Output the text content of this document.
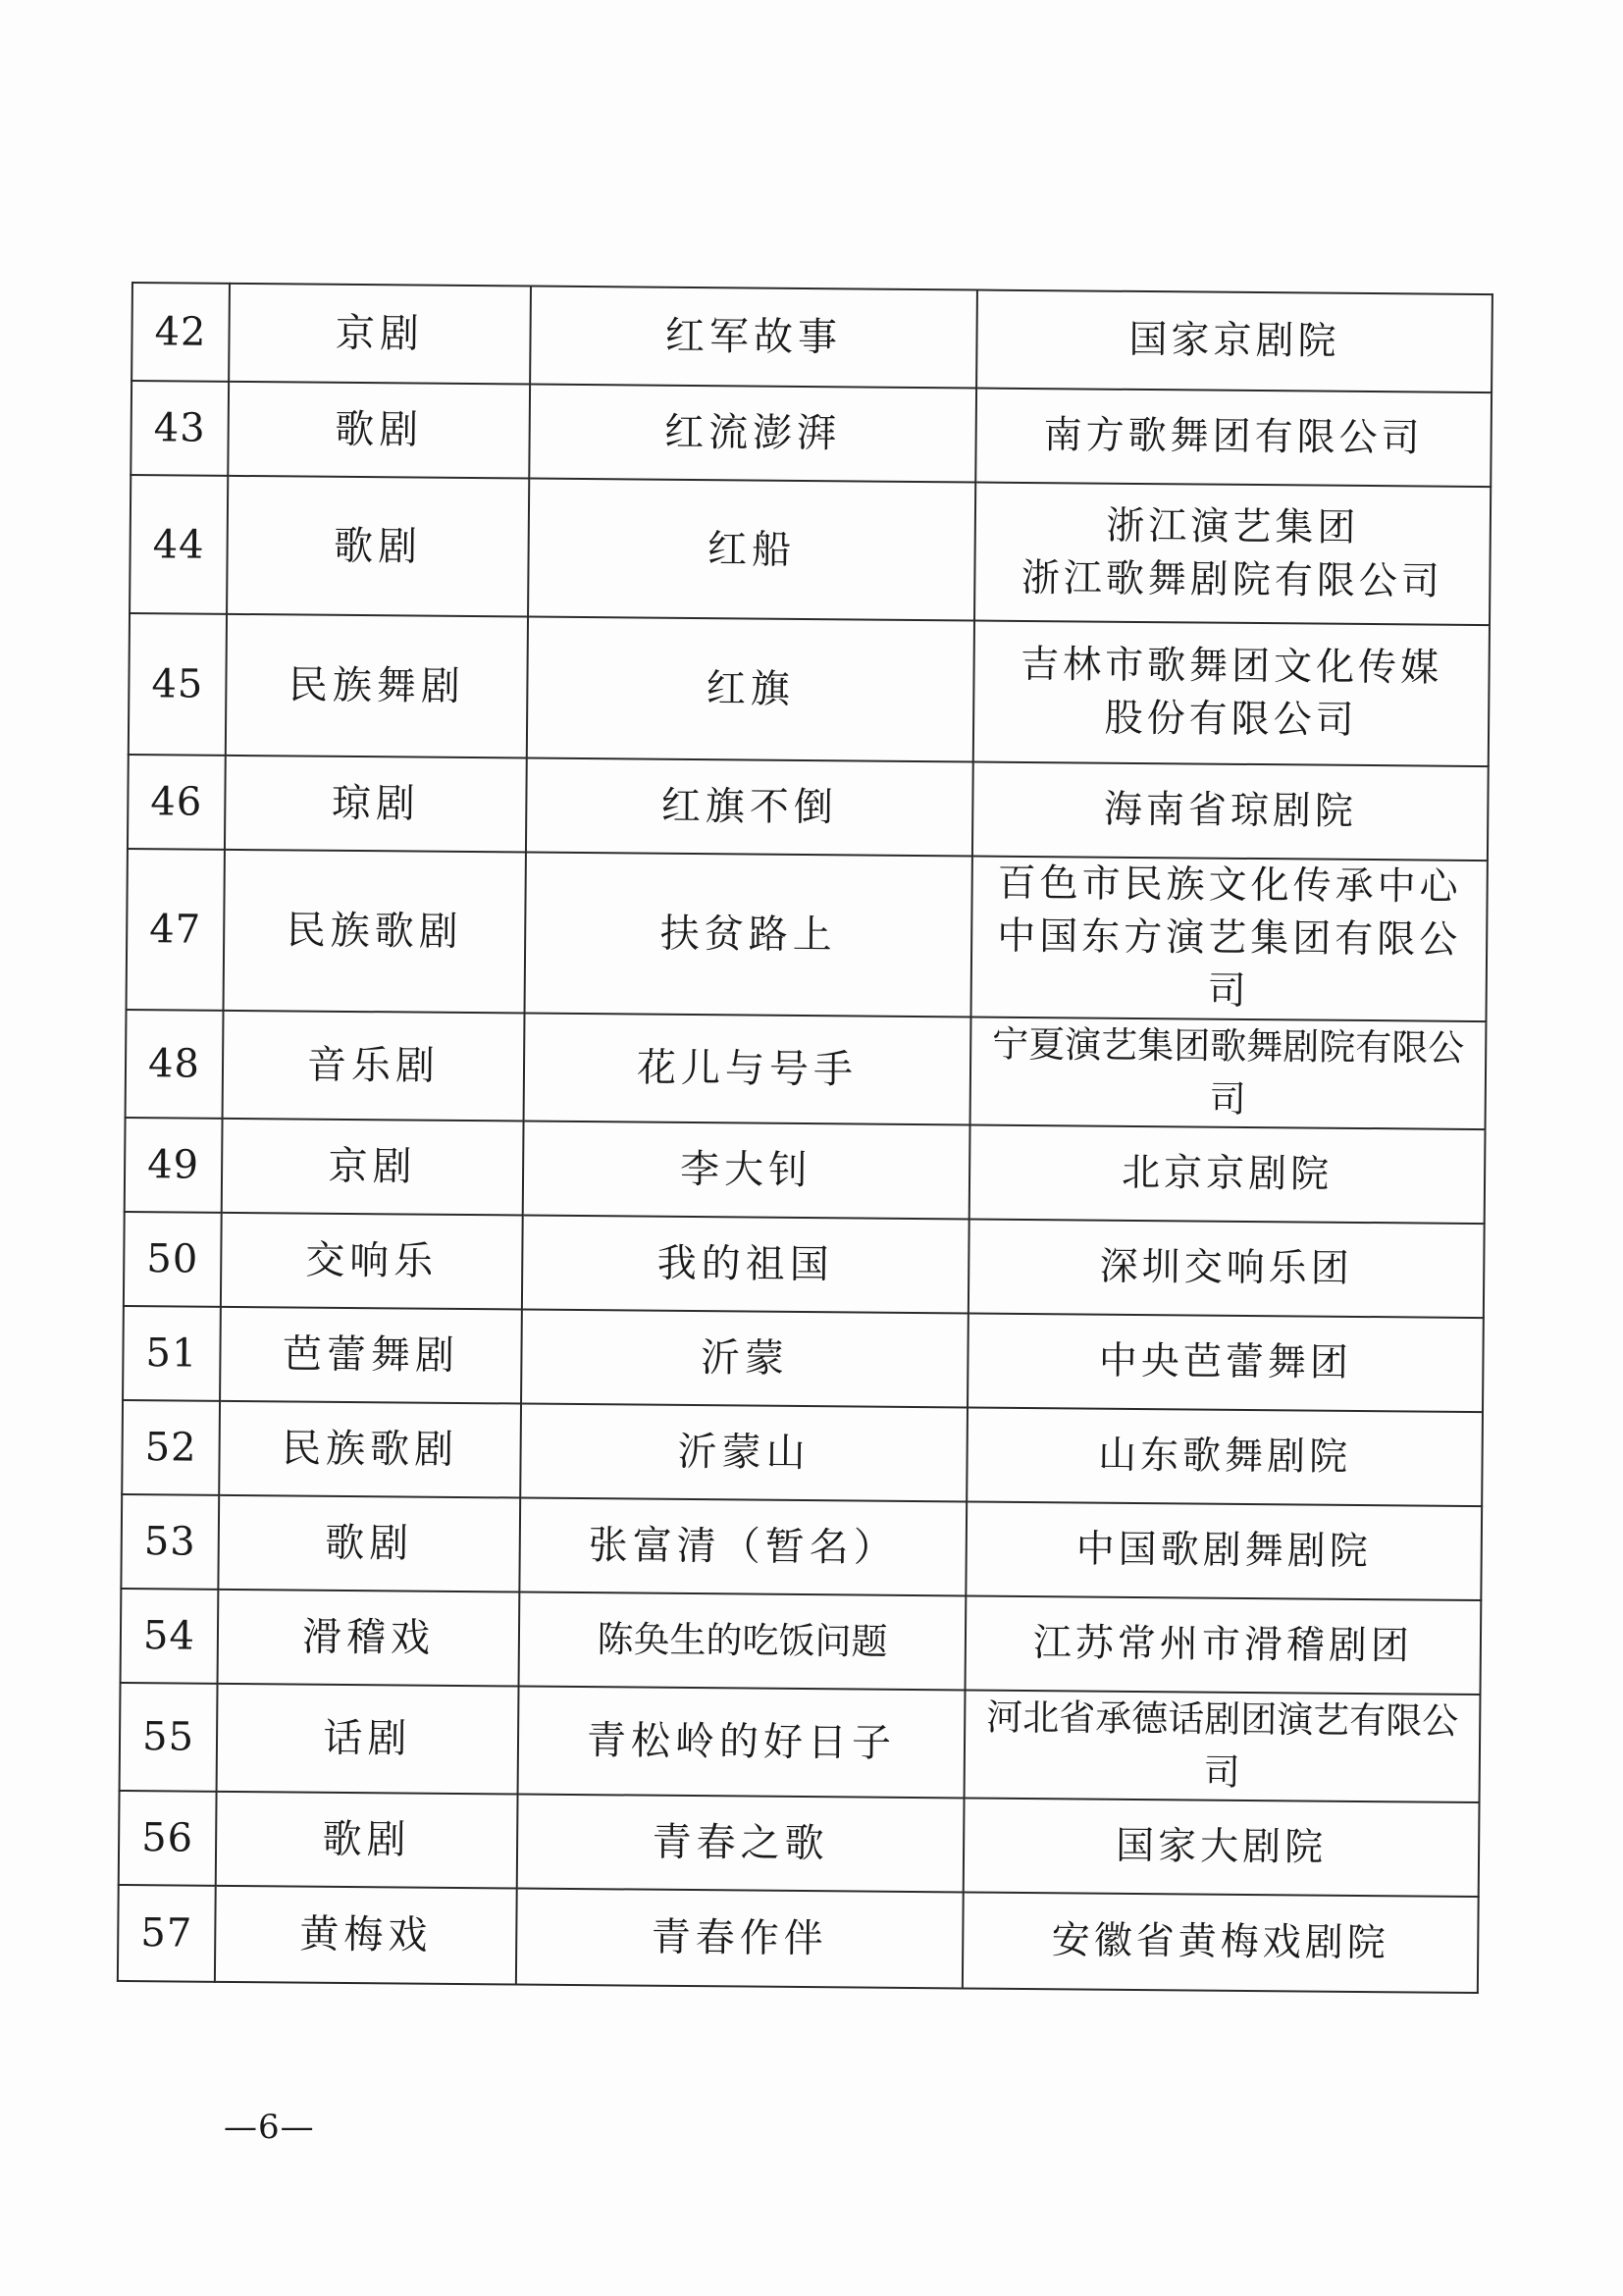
42	京剧	红军故事	国家京剧院

43	歌剧	红流澎湃	南方歌舞团有限公司

44	歌剧	红船	浙江演艺集团
浙江歌舞剧院有限公司

45	民族舞剧	红旗	吉林市歌舞团文化传媒
股份有限公司

46	琼剧	红旗不倒	海南省琼剧院

47	民族歌剧	扶贫路上	百色市民族文化传承中心
中国东方演艺集团有限公司

48	音乐剧	花儿与号手	宁夏演艺集团歌舞剧院有限公司

49	京剧	李大钊	北京京剧院

50	交响乐	我的祖国	深圳交响乐团

51	芭蕾舞剧	沂蒙	中央芭蕾舞团

52	民族歌剧	沂蒙山	山东歌舞剧院

53	歌剧	张富清（暂名）	中国歌剧舞剧院

54	滑稽戏	陈奂生的吃饭问题	江苏常州市滑稽剧团

55	话剧	青松岭的好日子	河北省承德话剧团演艺有限公司

56	歌剧	青春之歌	国家大剧院

57	黄梅戏	青春作伴	安徽省黄梅戏剧院
—6—
